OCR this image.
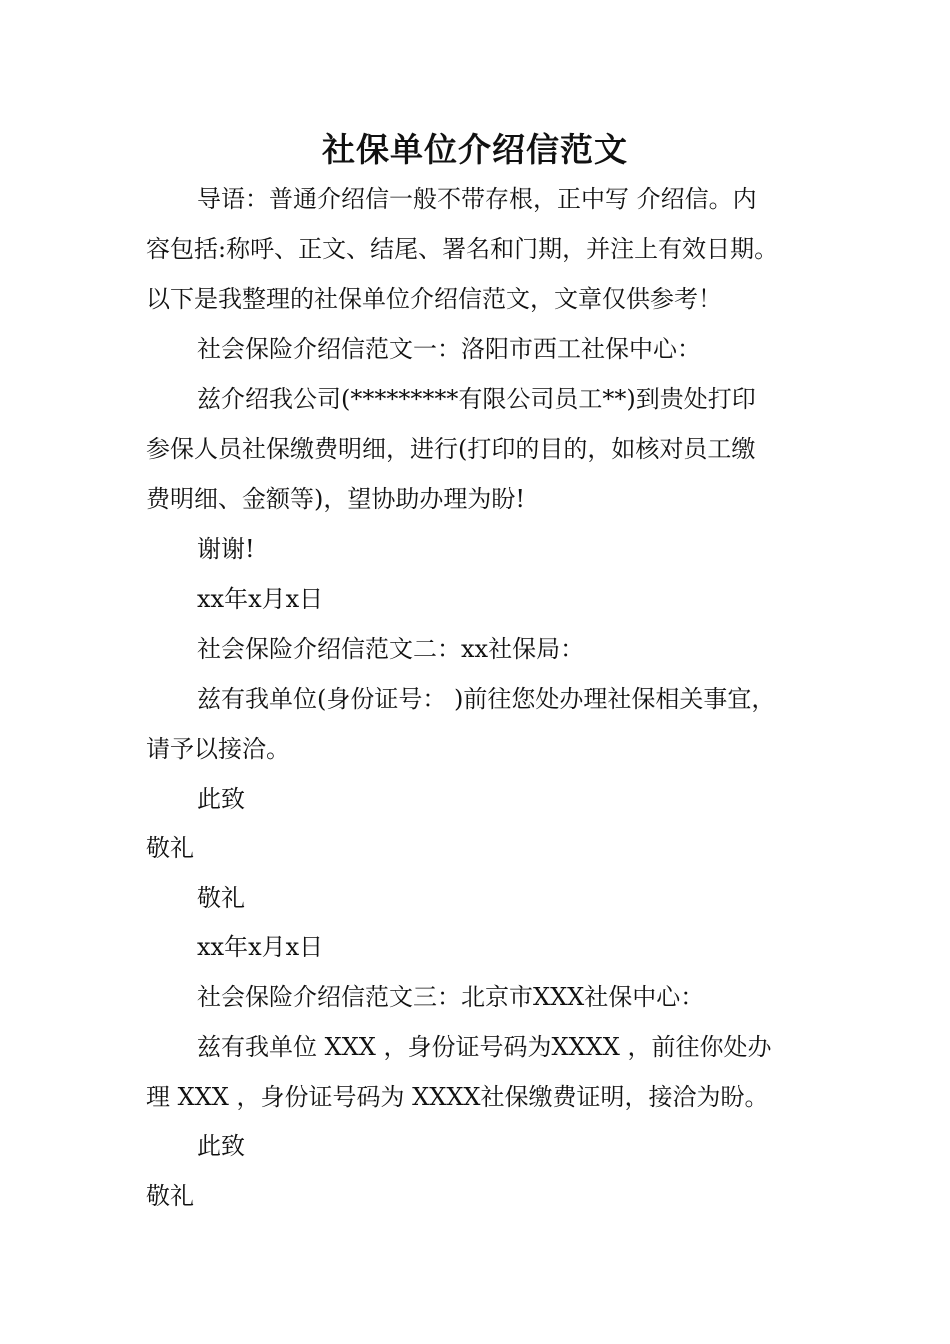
社保单位介绍信范文
导语：普通介绍信一般不带存根，正中写 介绍信。内
容包括:称呼、正文、结尾、署名和门期，并注上有效日期。
以下是我整理的社保单位介绍信范文，文章仅供参考！
社会保险介绍信范文一：洛阳市西工社保中心：
兹介绍我公司(*********有限公司员工**)到贵处打印
参保人员社保缴费明细，进行(打印的目的，如核对员工缴
费明细、金额等)，望协助办理为盼!
谢谢!
xx年x月x日
社会保险介绍信范文二：xx社保局：
兹有我单位(身份证号： )前往您处办理社保相关事宜，
请予以接洽。
此致
敬礼
敬礼
xx年x月x日
社会保险介绍信范文三：北京市XXX社保中心：
兹有我单位 XXX ，身份证号码为XXXX ，前往你处办
理 XXX ，身份证号码为 XXXX社保缴费证明，接洽为盼。
此致
敬礼
